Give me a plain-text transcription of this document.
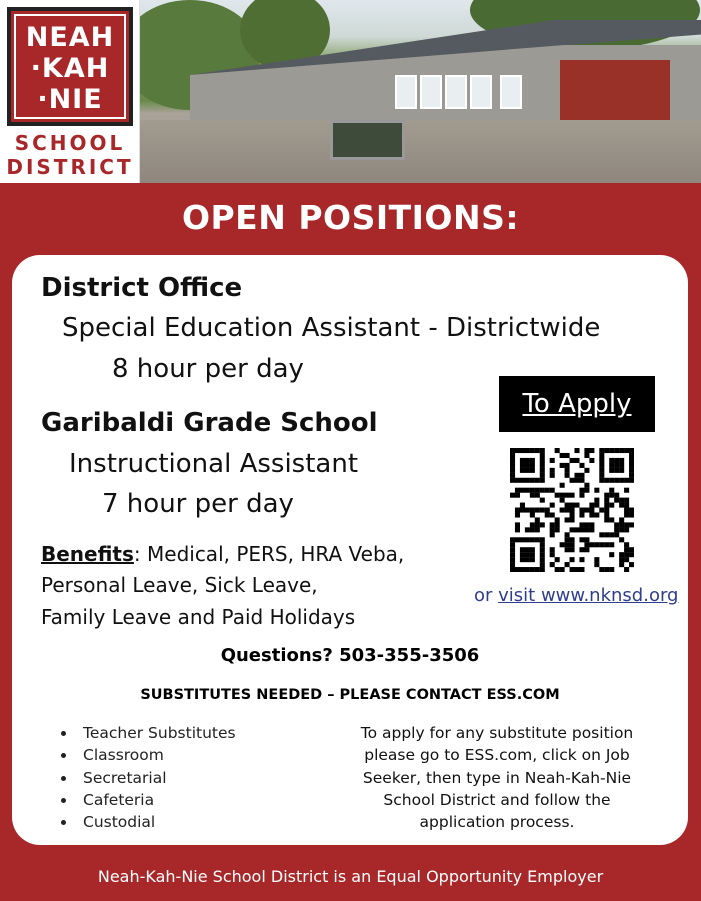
NEAH
·KAH
·NIE
SCHOOL
DISTRICT
OPEN POSITIONS:
District Office
Special Education Assistant - Districtwide
8 hour per day
Garibaldi Grade School
Instructional Assistant
7 hour per day
Benefits: Medical, PERS, HRA Veba,
Personal Leave, Sick Leave,
Family Leave and Paid Holidays
To Apply
or visit www.nknsd.org
Questions? 503-355-3506
SUBSTITUTES NEEDED – PLEASE CONTACT ESS.COM
• Teacher Substitutes
• Classroom
• Secretarial
• Cafeteria
• Custodial
To apply for any substitute position please go to ESS.com, click on Job Seeker, then type in Neah-Kah-Nie School District and follow the application process.
Neah-Kah-Nie School District is an Equal Opportunity Employer
